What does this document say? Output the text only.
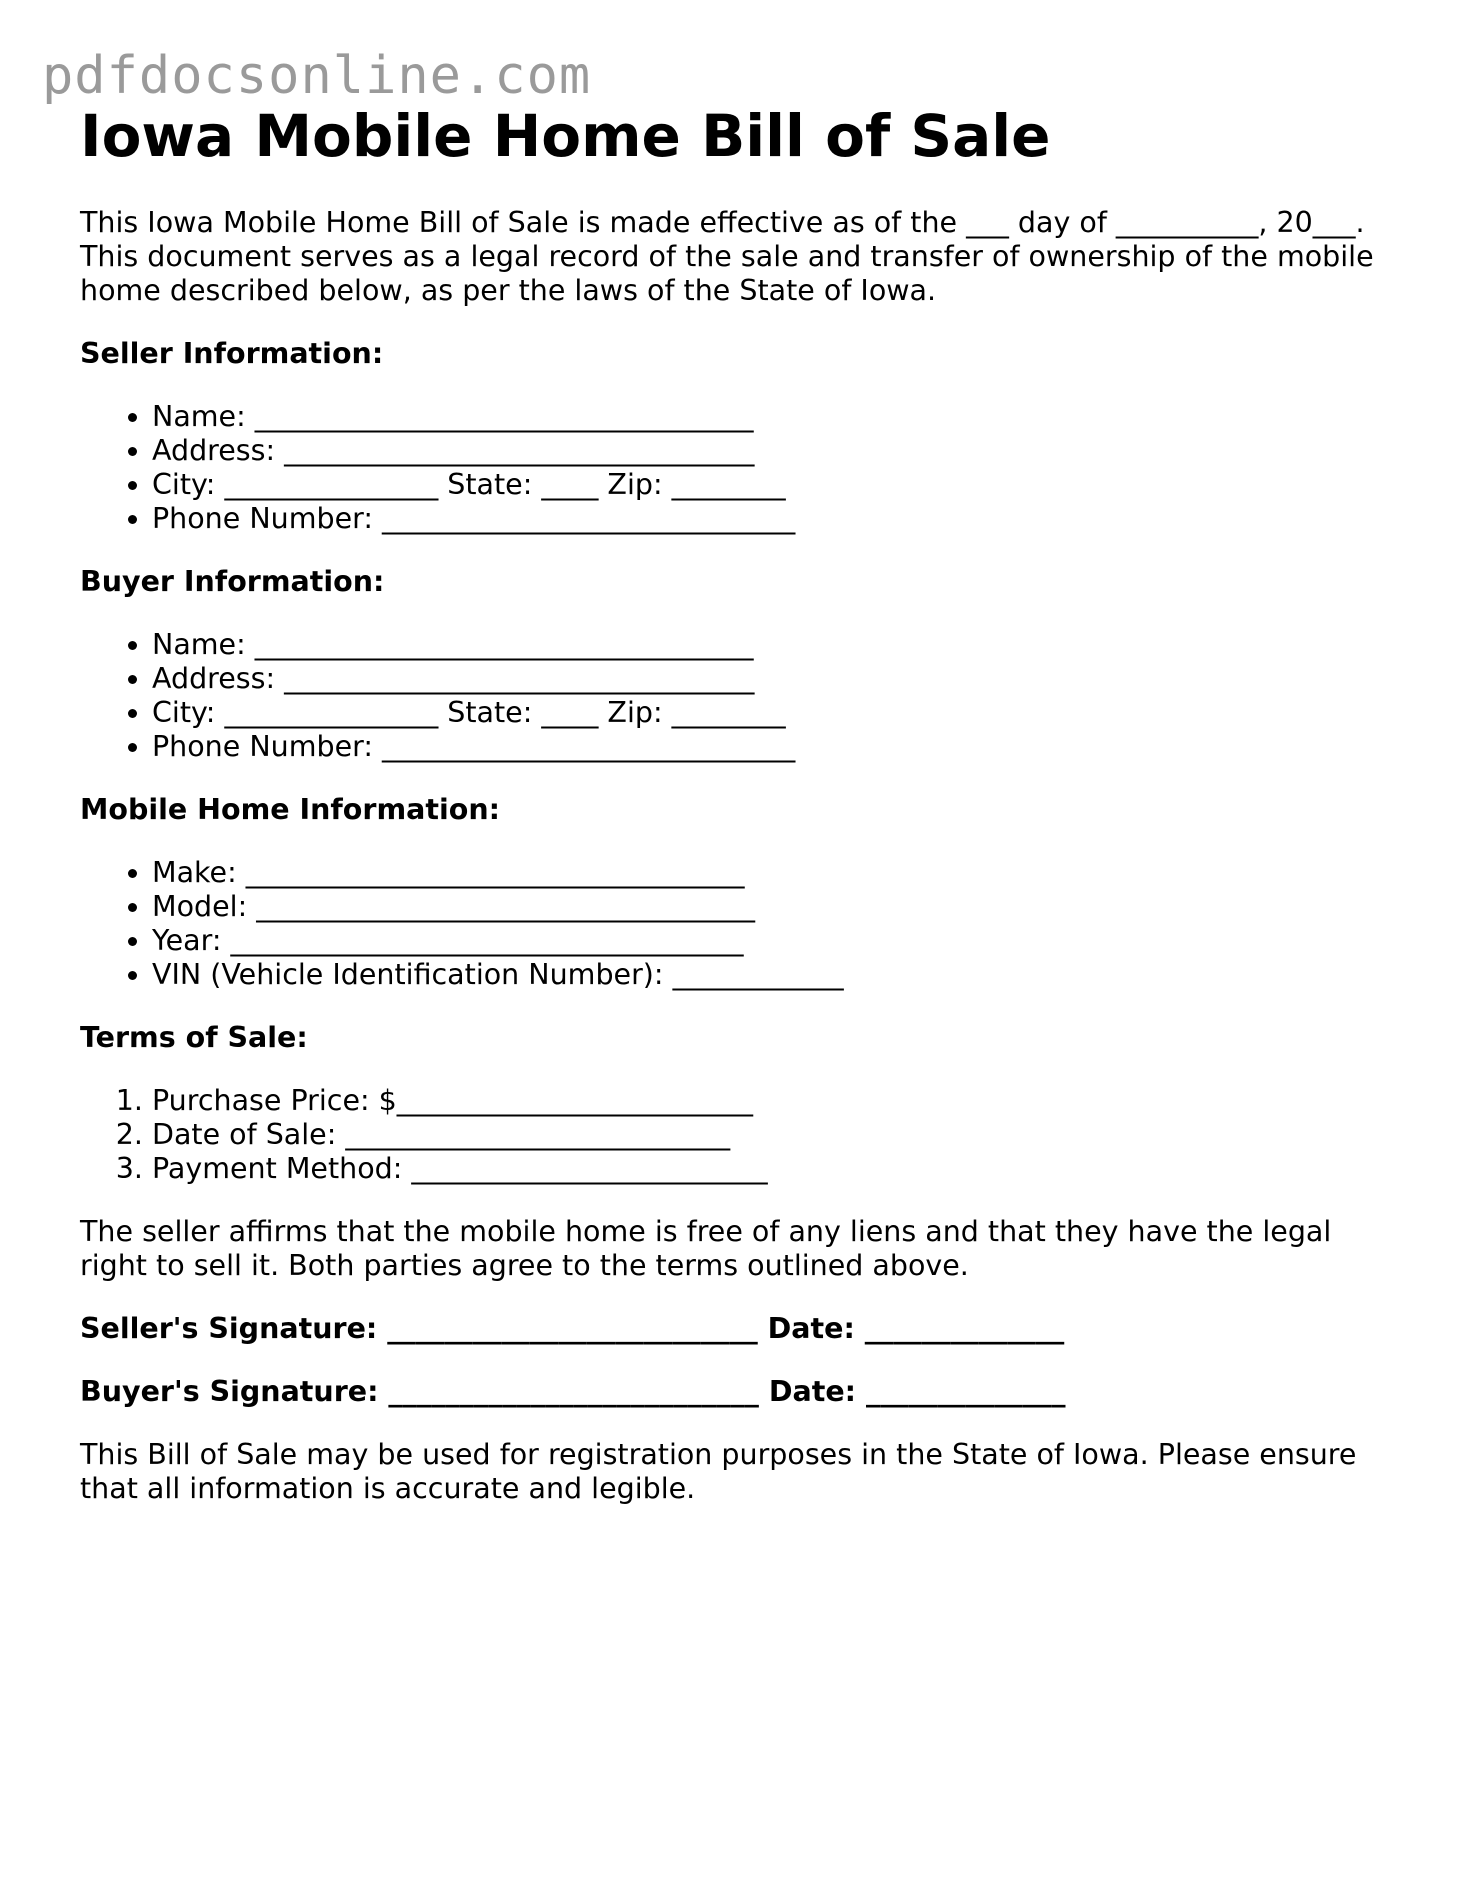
pdfdocsonline.com
Iowa Mobile Home Bill of Sale

This Iowa Mobile Home Bill of Sale is made effective as of the ___ day of __________, 20___. This document serves as a legal record of the sale and transfer of ownership of the mobile home described below, as per the laws of the State of Iowa.

Seller Information:
• Name: ___________________________________
• Address: _________________________________
• City: _______________ State: ____ Zip: ________
• Phone Number: _____________________________
Buyer Information:
• Name: ___________________________________
• Address: _________________________________
• City: _______________ State: ____ Zip: ________
• Phone Number: _____________________________
Mobile Home Information:
• Make: ___________________________________
• Model: ___________________________________
• Year: ____________________________________
• VIN (Vehicle Identification Number): ____________
Terms of Sale:
1. Purchase Price: $_________________________
2. Date of Sale: ___________________________
3. Payment Method: _________________________

The seller affirms that the mobile home is free of any liens and that they have the legal right to sell it. Both parties agree to the terms outlined above.

Seller's Signature: __________________________ Date: ______________
Buyer's Signature: __________________________ Date: ______________

This Bill of Sale may be used for registration purposes in the State of Iowa. Please ensure that all information is accurate and legible.
